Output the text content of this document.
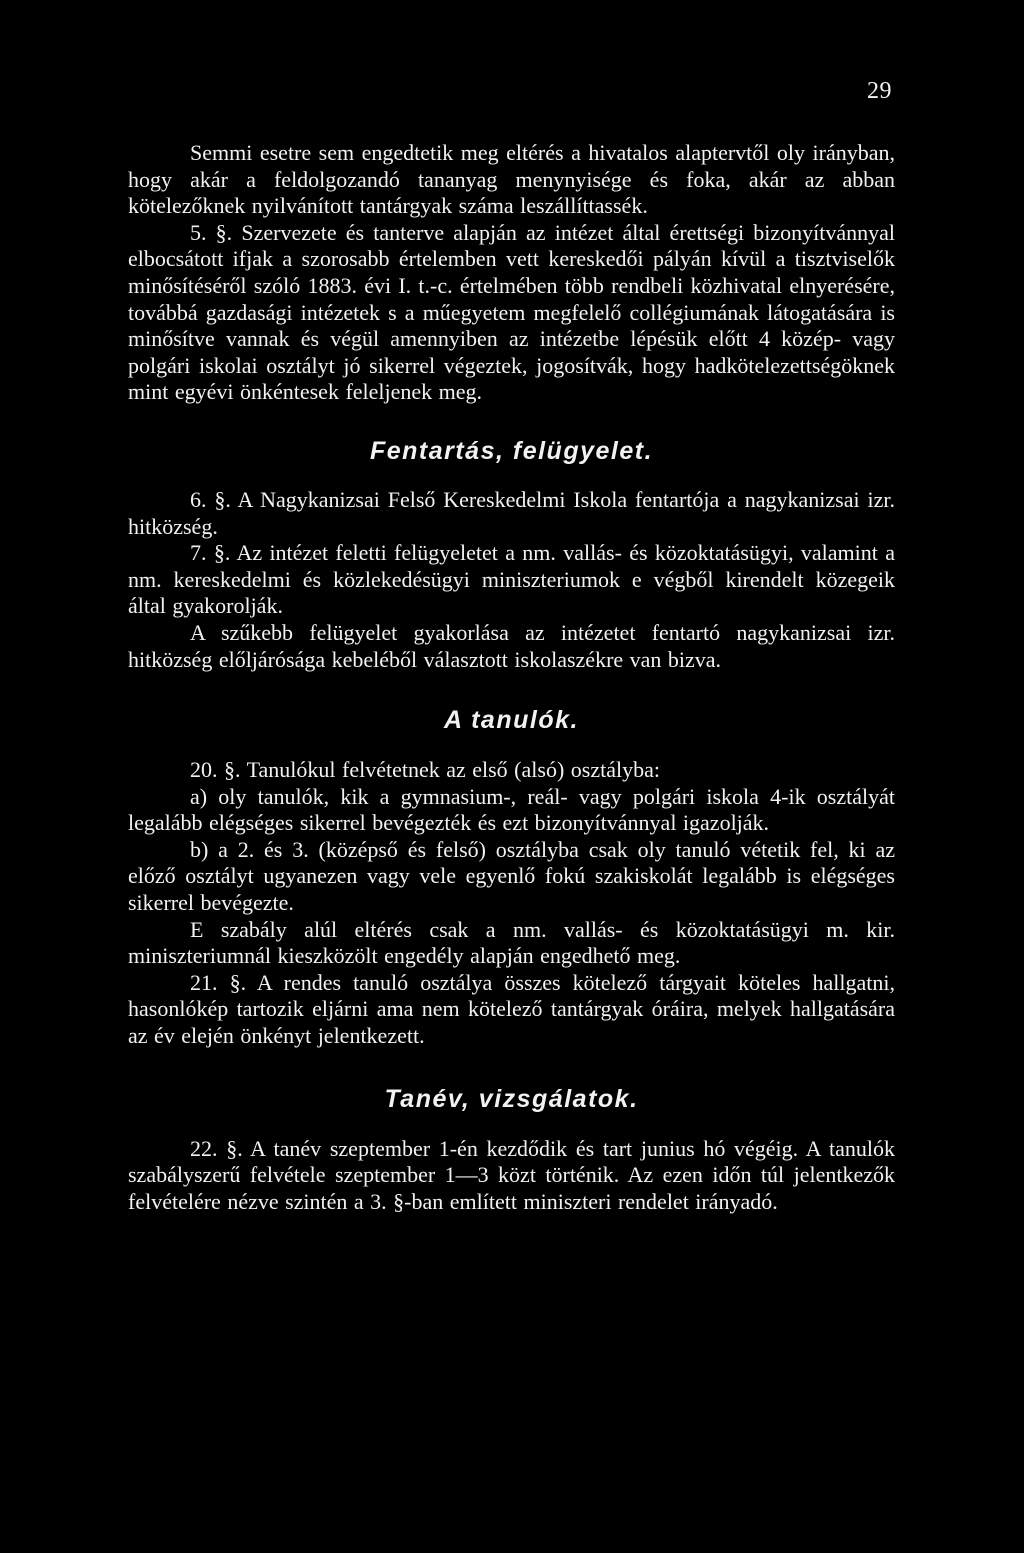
29

Semmi esetre sem engedtetik meg eltérés a hivatalos alaptervtől oly irányban, hogy akár a feldolgozandó tananyag menynyisége és foka, akár az abban kötelezőknek nyilvánított tantárgyak száma leszállíttassék.

5. §. Szervezete és tanterve alapján az intézet által érettségi bizonyítvánnyal elbocsátott ifjak a szorosabb értelemben vett kereskedői pályán kívül a tisztviselők minősítéséről szóló 1883. évi I. t.-c. értelmében több rendbeli közhivatal elnyerésére, továbbá gazdasági intézetek s a műegyetem megfelelő collégiumának látogatására is minősítve vannak és végül amennyiben az intézetbe lépésük előtt 4 közép- vagy polgári iskolai osztályt jó sikerrel végeztek, jogosítvák, hogy hadkötelezettségöknek mint egyévi önkéntesek feleljenek meg.

Fentartás, felügyelet.

6. §. A Nagykanizsai Felső Kereskedelmi Iskola fentartója a nagykanizsai izr. hitközség.

7. §. Az intézet feletti felügyeletet a nm. vallás- és közoktatásügyi, valamint a nm. kereskedelmi és közlekedésügyi miniszteriumok e végből kirendelt közegeik által gyakorolják.

A szűkebb felügyelet gyakorlása az intézetet fentartó nagykanizsai izr. hitközség előljárósága kebeléből választott iskolaszékre van bizva.

A tanulók.

20. §. Tanulókul felvétetnek az első (alsó) osztályba:

a) oly tanulók, kik a gymnasium-, reál- vagy polgári iskola 4-ik osztályát legalább elégséges sikerrel bevégezték és ezt bizonyítvánnyal igazolják.

b) a 2. és 3. (középső és felső) osztályba csak oly tanuló vétetik fel, ki az előző osztályt ugyanezen vagy vele egyenlő fokú szakiskolát legalább is elégséges sikerrel bevégezte.

E szabály alúl eltérés csak a nm. vallás- és közoktatásügyi m. kir. miniszteriumnál kieszközölt engedély alapján engedhető meg.

21. §. A rendes tanuló osztálya összes kötelező tárgyait köteles hallgatni, hasonlókép tartozik eljárni ama nem kötelező tantárgyak óráira, melyek hallgatására az év elején önkényt jelentkezett.

Tanév, vizsgálatok.

22. §. A tanév szeptember 1-én kezdődik és tart junius hó végéig. A tanulók szabályszerű felvétele szeptember 1—3 közt történik. Az ezen időn túl jelentkezők felvételére nézve szintén a 3. §-ban említett miniszteri rendelet irányadó.
